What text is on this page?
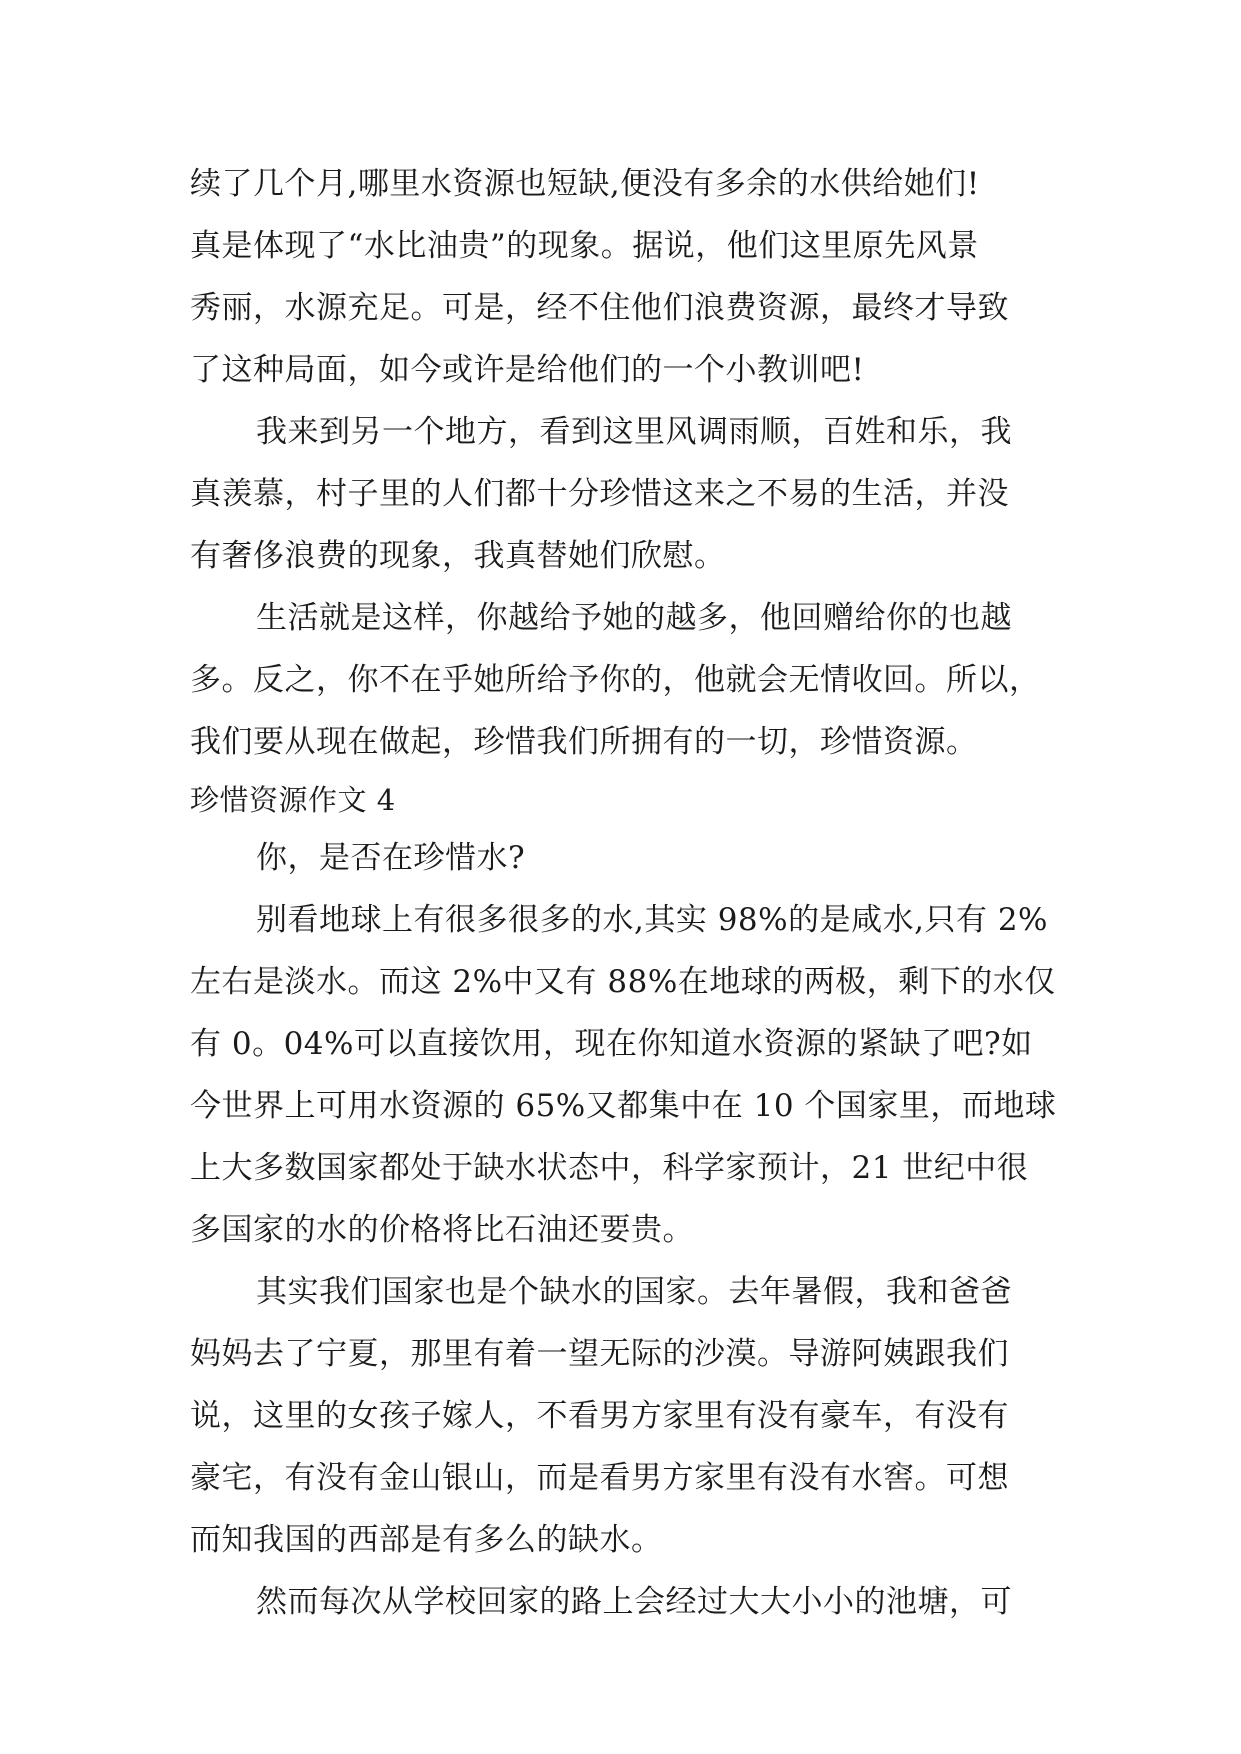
续了几个月,哪里水资源也短缺,便没有多余的水供给她们!
真是体现了“水比油贵”的现象。据说，他们这里原先风景
秀丽，水源充足。可是，经不住他们浪费资源，最终才导致
了这种局面，如今或许是给他们的一个小教训吧!
我来到另一个地方，看到这里风调雨顺，百姓和乐，我
真羡慕，村子里的人们都十分珍惜这来之不易的生活，并没
有奢侈浪费的现象，我真替她们欣慰。
生活就是这样，你越给予她的越多，他回赠给你的也越
多。反之，你不在乎她所给予你的，他就会无情收回。所以，
我们要从现在做起，珍惜我们所拥有的一切，珍惜资源。
珍惜资源作文 4
你，是否在珍惜水?
别看地球上有很多很多的水,其实 98%的是咸水,只有 2%
左右是淡水。而这 2%中又有 88%在地球的两极，剩下的水仅
有 0。04%可以直接饮用，现在你知道水资源的紧缺了吧?如
今世界上可用水资源的 65%又都集中在 10 个国家里，而地球
上大多数国家都处于缺水状态中，科学家预计，21 世纪中很
多国家的水的价格将比石油还要贵。
其实我们国家也是个缺水的国家。去年暑假，我和爸爸
妈妈去了宁夏，那里有着一望无际的沙漠。导游阿姨跟我们
说，这里的女孩子嫁人，不看男方家里有没有豪车，有没有
豪宅，有没有金山银山，而是看男方家里有没有水窖。可想
而知我国的西部是有多么的缺水。
然而每次从学校回家的路上会经过大大小小的池塘，可
